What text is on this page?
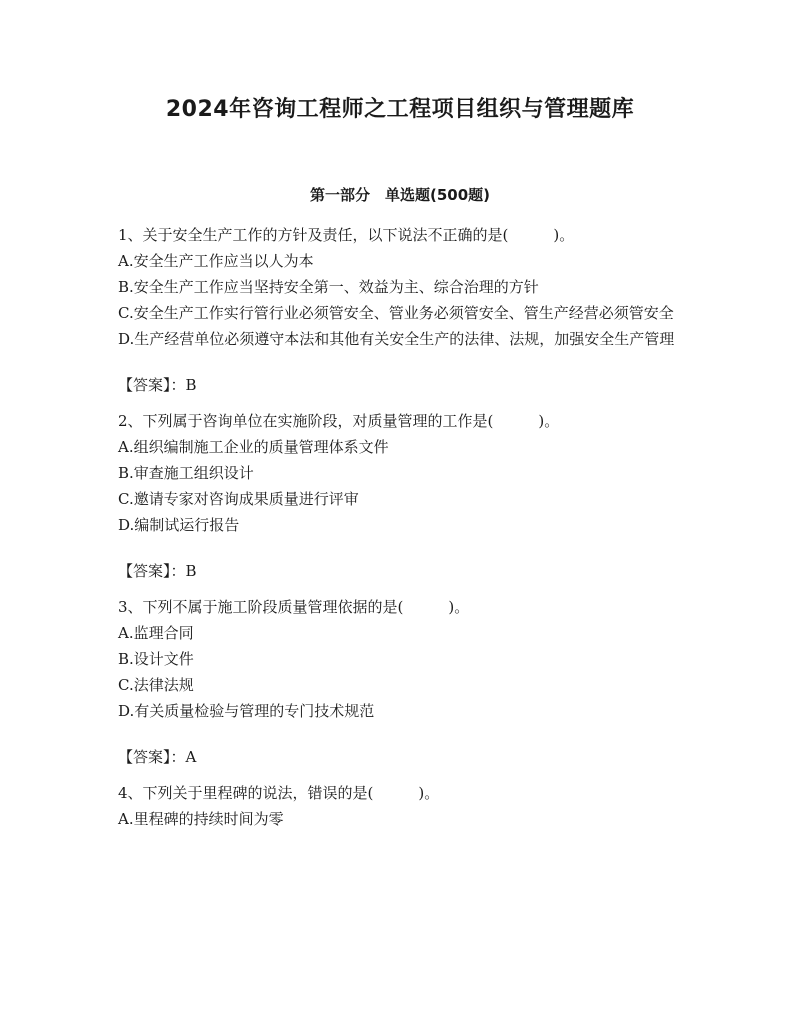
2024年咨询工程师之工程项目组织与管理题库
第一部分　单选题(500题)

1、关于安全生产工作的方针及责任，以下说法不正确的是(　　　)。

A.安全生产工作应当以人为本

B.安全生产工作应当坚持安全第一、效益为主、综合治理的方针

C.安全生产工作实行管行业必须管安全、管业务必须管安全、管生产经营必须管安全

D.生产经营单位必须遵守本法和其他有关安全生产的法律、法规，加强安全生产管理

【答案】：B

2、下列属于咨询单位在实施阶段，对质量管理的工作是(　　　)。

A.组织编制施工企业的质量管理体系文件

B.审查施工组织设计

C.邀请专家对咨询成果质量进行评审

D.编制试运行报告

【答案】：B

3、下列不属于施工阶段质量管理依据的是(　　　)。

A.监理合同

B.设计文件

C.法律法规

D.有关质量检验与管理的专门技术规范

【答案】：A

4、下列关于里程碑的说法，错误的是(　　　)。

A.里程碑的持续时间为零
